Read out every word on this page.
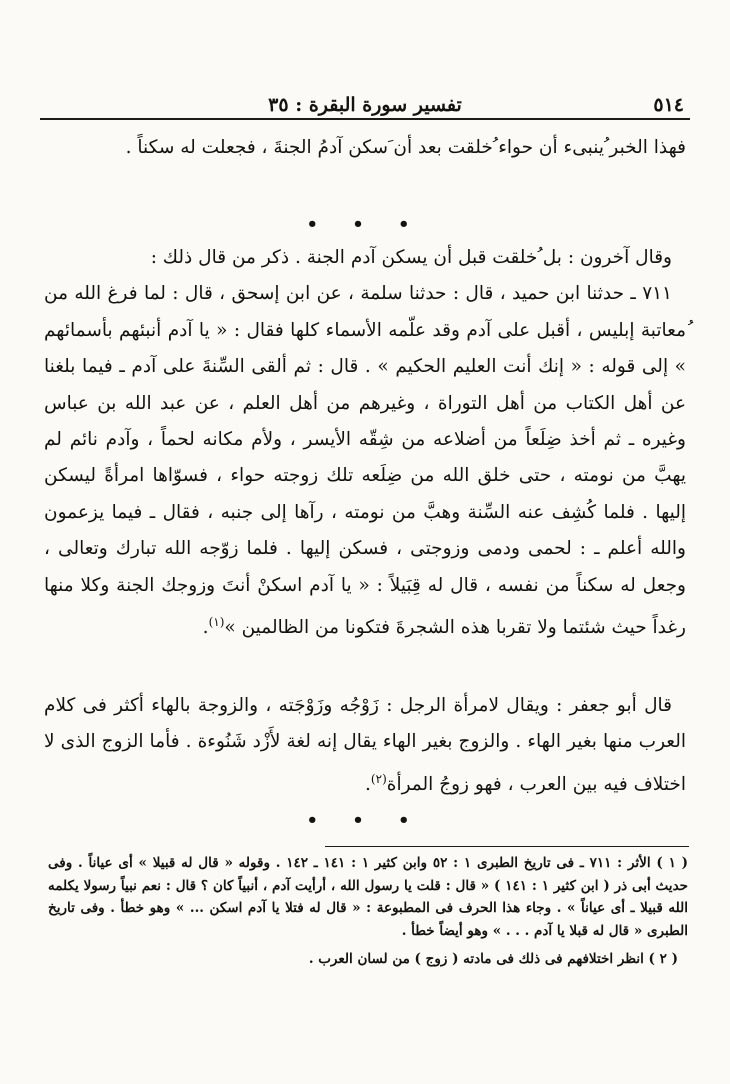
٥١٤
تفسير سورة البقرة : ٣٥

فهذا الخبر ُينبىء أن حواء ُخلقت بعد أن َسكن آدمُ الجنةَ ، فجعلت له سكناً .

• • •

وقال آخرون : بل ُخلقت قبل أن يسكن آدم الجنة . ذكر من قال ذلك :

٧١١ ـ حدثنا ابن حميد ، قال : حدثنا سلمة ، عن ابن إسحق ، قال : لما فرغ الله من ُمعاتبة إبليس ، أقبل على آدم وقد علّمه الأسماء كلها فقال : « يا آدم أنبئهم بأسمائهم » إلى قوله : « إنك أنت العليم الحكيم » . قال : ثم ألقى السِّنةَ على آدم ـ فيما بلغنا عن أهل الكتاب من أهل التوراة ، وغيرهم من أهل العلم ، عن عبد الله بن عباس وغيره ـ ثم أخذ ضِلَعاً من أضلاعه من شِقّه الأيسر ، ولأم مكانه لحماً ، وآدم نائم لم يهبَّ من نومته ، حتى خلق الله من ضِلَعه تلك زوجته حواء ، فسوّاها امرأةً ليسكن إليها . فلما كُشِف عنه السِّنة وهبَّ من نومته ، رآها إلى جنبه ، فقال ـ فيما يزعمون والله أعلم ـ : لحمى ودمى وزوجتى ، فسكن إليها . فلما زوّجه الله تبارك وتعالى ، وجعل له سكناً من نفسه ، قال له قِبَيلاً : « يا آدم اسكنْ أنتَ وزوجك الجنة وكلا منها رغداً حيث شئتما ولا تقربا هذه الشجرةَ فتكونا من الظالمين »$^{(١)}$.

قال أبو جعفر : ويقال لامرأة الرجل : زَوْجُه وزَوْجَته ، والزوجة بالهاء أكثر فى كلام العرب منها بغير الهاء . والزوج بغير الهاء يقال إنه لغة لأَزْد شَنُوءة . فأما الزوج الذى لا اختلاف فيه بين العرب ، فهو زوجُ المرأة$^{(٢)}$.

• • •

( ١ ) الأثر : ٧١١ ـ فى تاريخ الطبرى ١ : ٥٢ وابن كثير ١ : ١٤١ ـ ١٤٢ . وقوله « قال له قبيلا » أى عياناً . وفى حديث أبى ذر ( ابن كثير ١ : ١٤١ ) « قال : قلت يا رسول الله ، أرأيت آدم ، أنبياً كان ؟ قال : نعم نبياً رسولا يكلمه الله قبيلا ـ أى عياناً » . وجاء هذا الحرف فى المطبوعة : « قال له فتلا يا آدم اسكن ... » وهو خطأ . وفى تاريخ الطبرى « قال له قبلا يا آدم . . . » وهو أيضاً خطأ .

( ٢ ) انظر اختلافهم فى ذلك فى مادته ( زوج ) من لسان العرب .
